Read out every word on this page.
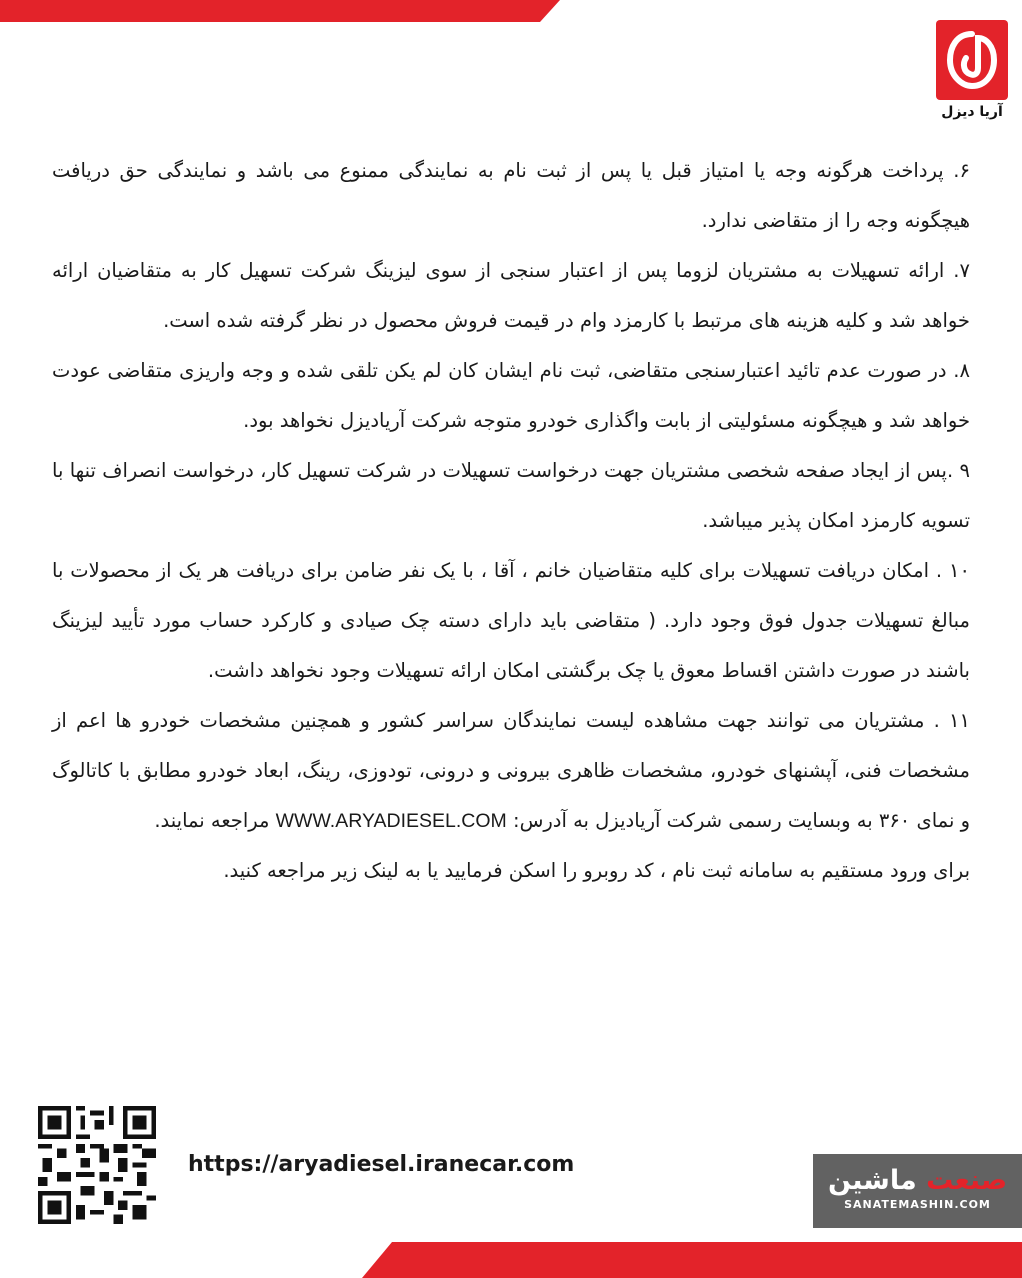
آریا دیزل

۶. پرداخت هرگونه وجه یا امتیاز قبل یا پس از ثبت نام به نمایندگی ممنوع می باشد و نمایندگی حق دریافت هیچگونه وجه را از متقاضی ندارد.

۷. ارائه تسهیلات به مشتریان لزوما پس از اعتبار سنجی از سوی لیزینگ شرکت تسهیل کار به متقاضیان ارائه خواهد شد و کلیه هزینه های مرتبط با کارمزد وام در قیمت فروش محصول در نظر گرفته شده است.

۸. در صورت عدم تائید اعتبارسنجی متقاضی، ثبت نام ایشان کان لم یکن تلقی شده و وجه واریزی متقاضی عودت خواهد شد و هیچگونه مسئولیتی از بابت واگذاری خودرو متوجه شرکت آریادیزل نخواهد بود.

۹ .پس از ایجاد صفحه شخصی مشتریان جهت درخواست تسهیلات در شرکت تسهیل کار، درخواست انصراف تنها با تسویه کارمزد امکان پذیر میباشد.

۱۰ . امکان دریافت تسهیلات برای کلیه متقاضیان خانم ، آقا ، با یک نفر ضامن برای دریافت هر یک از محصولات با مبالغ تسهیلات جدول فوق وجود دارد. ( متقاضی باید دارای دسته چک صیادی و کارکرد حساب مورد تأیید لیزینگ باشند در صورت داشتن اقساط معوق یا چک برگشتی امکان ارائه تسهیلات وجود نخواهد داشت.

۱۱ . مشتریان می توانند جهت مشاهده لیست نمایندگان سراسر کشور و همچنین مشخصات خودرو ها اعم از مشخصات فنی، آپشنهای خودرو، مشخصات ظاهری بیرونی و درونی، تودوزی، رینگ، ابعاد خودرو مطابق با کاتالوگ و نمای ۳۶۰ به وبسایت رسمی شرکت آریادیزل به آدرس: WWW.ARYADIESEL.COM مراجعه نمایند.

برای ورود مستقیم به سامانه ثبت نام ، کد روبرو را اسکن فرمایید یا به لینک زیر مراجعه کنید.

https://aryadiesel.iranecar.com
صنعت ماشین
SANATEMASHIN.COM
